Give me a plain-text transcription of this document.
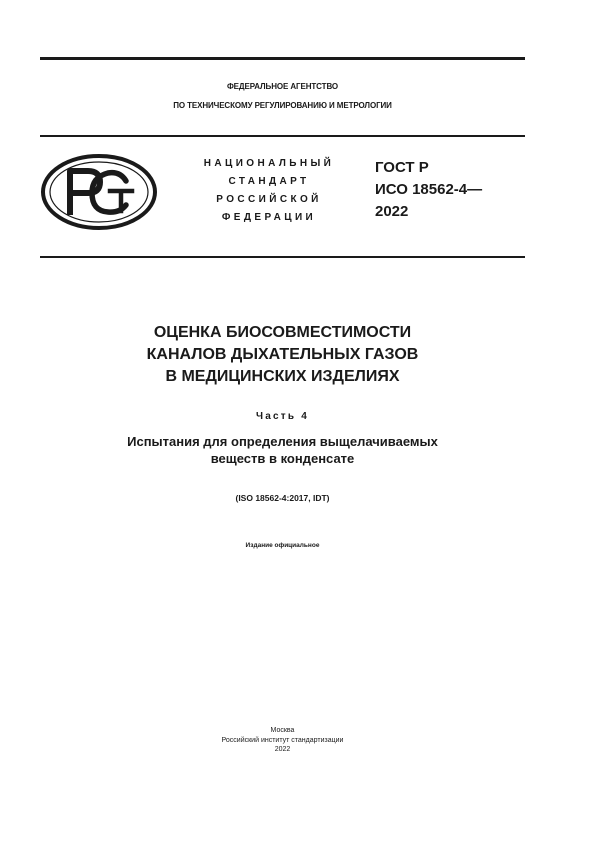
ФЕДЕРАЛЬНОЕ АГЕНТСТВО
ПО ТЕХНИЧЕСКОМУ РЕГУЛИРОВАНИЮ И МЕТРОЛОГИИ
НАЦИОНАЛЬНЫЙ
СТАНДАРТ
РОССИЙСКОЙ
ФЕДЕРАЦИИ
ГОСТ Р
ИСО 18562-4—
2022
ОЦЕНКА БИОСОВМЕСТИМОСТИ
КАНАЛОВ ДЫХАТЕЛЬНЫХ ГАЗОВ
В МЕДИЦИНСКИХ ИЗДЕЛИЯХ
Часть 4
Испытания для определения выщелачиваемых
веществ в конденсате
(ISO 18562-4:2017, IDT)
Издание официальное
Москва
Российский институт стандартизации
2022
